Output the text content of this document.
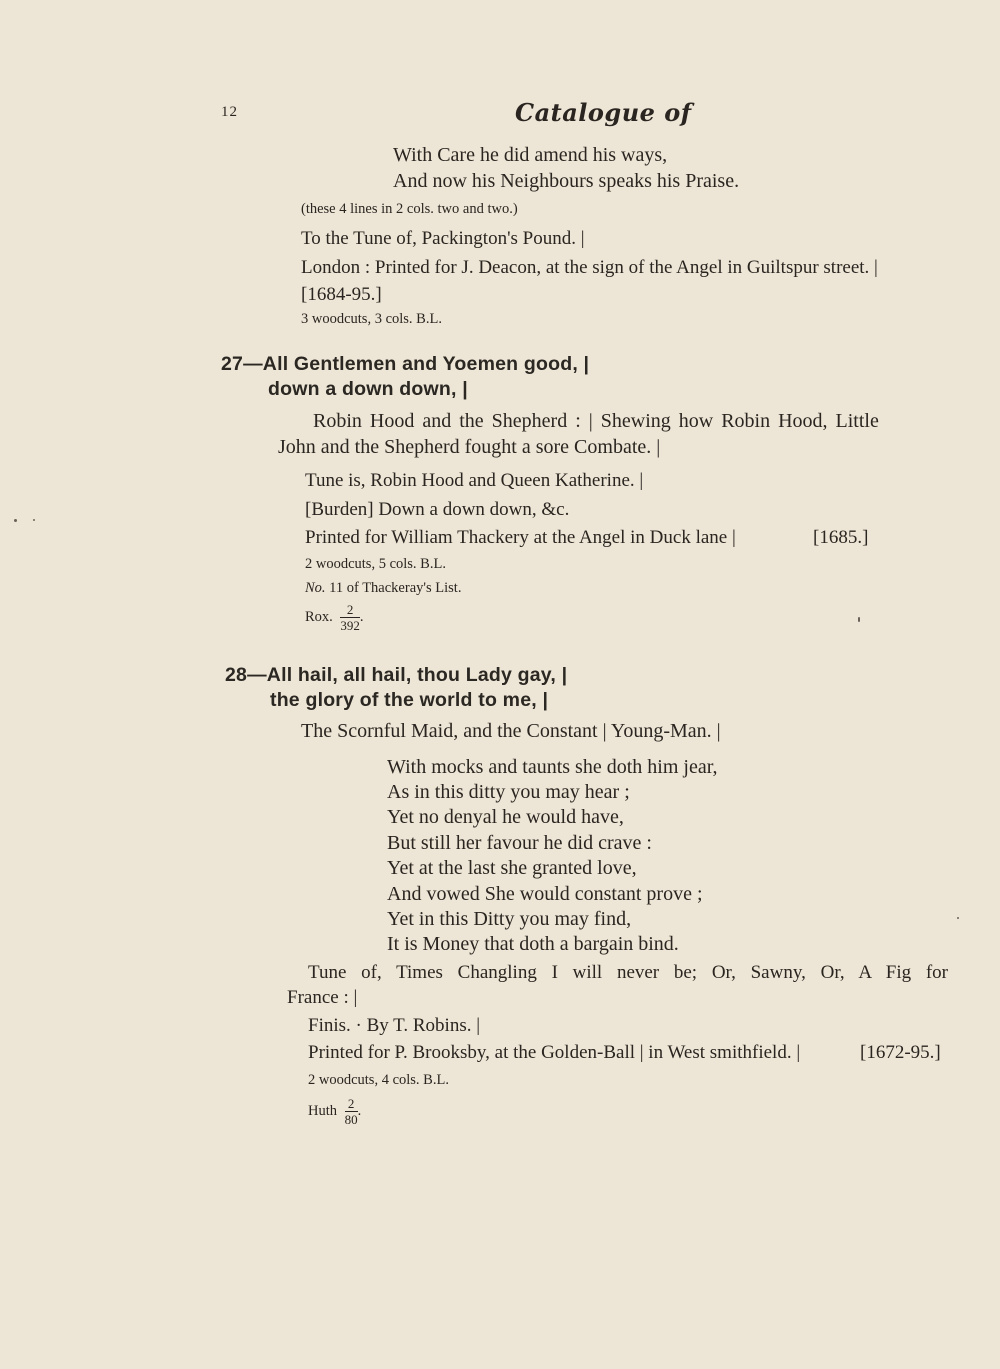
12	Catalogue of
With Care he did amend his ways,
And now his Neighbours speaks his Praise.
(these 4 lines in 2 cols. two and two.)
To the Tune of, Packington's Pound. |
London : Printed for J. Deacon, at the sign of the Angel in Guiltspur street. |
[1684-95.]
3 woodcuts, 3 cols. B.L.
27—All Gentlemen and Yoemen good, |
down a down down, |
Robin Hood and the Shepherd : | Shewing how Robin Hood, Little
John and the Shepherd fought a sore Combate. |
Tune is, Robin Hood and Queen Katherine. |
[Burden] Down a down down, &c.
Printed for William Thackery at the Angel in Duck lane |	[1685.]
2 woodcuts, 5 cols. B.L.
No. 11 of Thackeray's List.
Rox. $\frac{2}{392}$ .
28—All hail, all hail, thou Lady gay, |
the glory of the world to me, |
The Scornful Maid, and the Constant | Young-Man. |
With mocks and taunts she doth him jear,
As in this ditty you may hear ;
Yet no denyal he would have,
But still her favour he did crave :
Yet at the last she granted love,
And vowed She would constant prove ;
Yet in this Ditty you may find,
It is Money that doth a bargain bind.
Tune of, Times Changling I will never be; Or, Sawny, Or, A Fig for
France : |
Finis. · By T. Robins. |
Printed for P. Brooksby, at the Golden-Ball | in West smithfield. |	[1672-95.]
2 woodcuts, 4 cols. B.L.
Huth $\frac{2}{80}$ .
